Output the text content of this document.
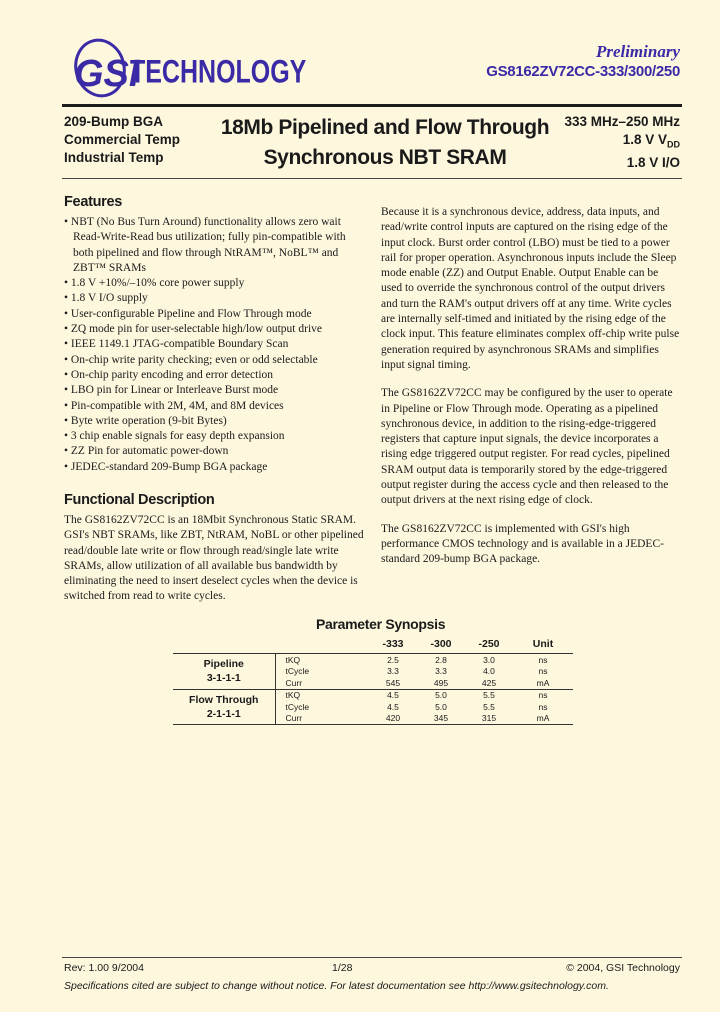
GSI
TECHNOLOGY
Preliminary
GS8162ZV72CC-333/300/250
209-Bump BGA
Commercial Temp
Industrial Temp
18Mb Pipelined and Flow Through
Synchronous NBT SRAM
333 MHz–250 MHz
1.8 V $V_{DD}$
1.8 V I/O
Features
• NBT (No Bus Turn Around) functionality allows zero wait Read-Write-Read bus utilization; fully pin-compatible with both pipelined and flow through NtRAM™, NoBL™ and ZBT™ SRAMs
• 1.8 V +10%/–10% core power supply
• 1.8 V I/O supply
• User-configurable Pipeline and Flow Through mode
• ZQ mode pin for user-selectable high/low output drive
• IEEE 1149.1 JTAG-compatible Boundary Scan
• On-chip write parity checking; even or odd selectable
• On-chip parity encoding and error detection
• LBO pin for Linear or Interleave Burst mode
• Pin-compatible with 2M, 4M, and 8M devices
• Byte write operation (9-bit Bytes)
• 3 chip enable signals for easy depth expansion
• ZZ Pin for automatic power-down
• JEDEC-standard 209-Bump BGA package
Functional Description

The GS8162ZV72CC is an 18Mbit Synchronous Static SRAM. GSI's NBT SRAMs, like ZBT, NtRAM, NoBL or other pipelined read/double late write or flow through read/single late write SRAMs, allow utilization of all available bus bandwidth by eliminating the need to insert deselect cycles when the device is switched from read to write cycles.

Because it is a synchronous device, address, data inputs, and read/write control inputs are captured on the rising edge of the input clock. Burst order control (LBO) must be tied to a power rail for proper operation. Asynchronous inputs include the Sleep mode enable (ZZ) and Output Enable. Output Enable can be used to override the synchronous control of the output drivers and turn the RAM's output drivers off at any time. Write cycles are internally self-timed and initiated by the rising edge of the clock input. This feature eliminates complex off-chip write pulse generation required by asynchronous SRAMs and simplifies input signal timing.

The GS8162ZV72CC may be configured by the user to operate in Pipeline or Flow Through mode. Operating as a pipelined synchronous device, in addition to the rising-edge-triggered registers that capture input signals, the device incorporates a rising edge triggered output register. For read cycles, pipelined SRAM output data is temporarily stored by the edge-triggered output register during the access cycle and then released to the output drivers at the next rising edge of clock.

The GS8162ZV72CC is implemented with GSI's high performance CMOS technology and is available in a JEDEC-standard 209-bump BGA package.

Parameter Synopsis
		-333	-300	-250	Unit

Pipeline
3-1-1-1	tKQ	2.5	2.8	3.0	ns
	tCycle	3.3	3.3	4.0	ns
	Curr	545	495	425	mA

Flow Through
2-1-1-1	tKQ	4.5	5.0	5.5	ns
	tCycle	4.5	5.0	5.5	ns
	Curr	420	345	315	mA
Rev: 1.00 9/2004	1/28	© 2004, GSI Technology
Specifications cited are subject to change without notice. For latest documentation see http://www.gsitechnology.com.
